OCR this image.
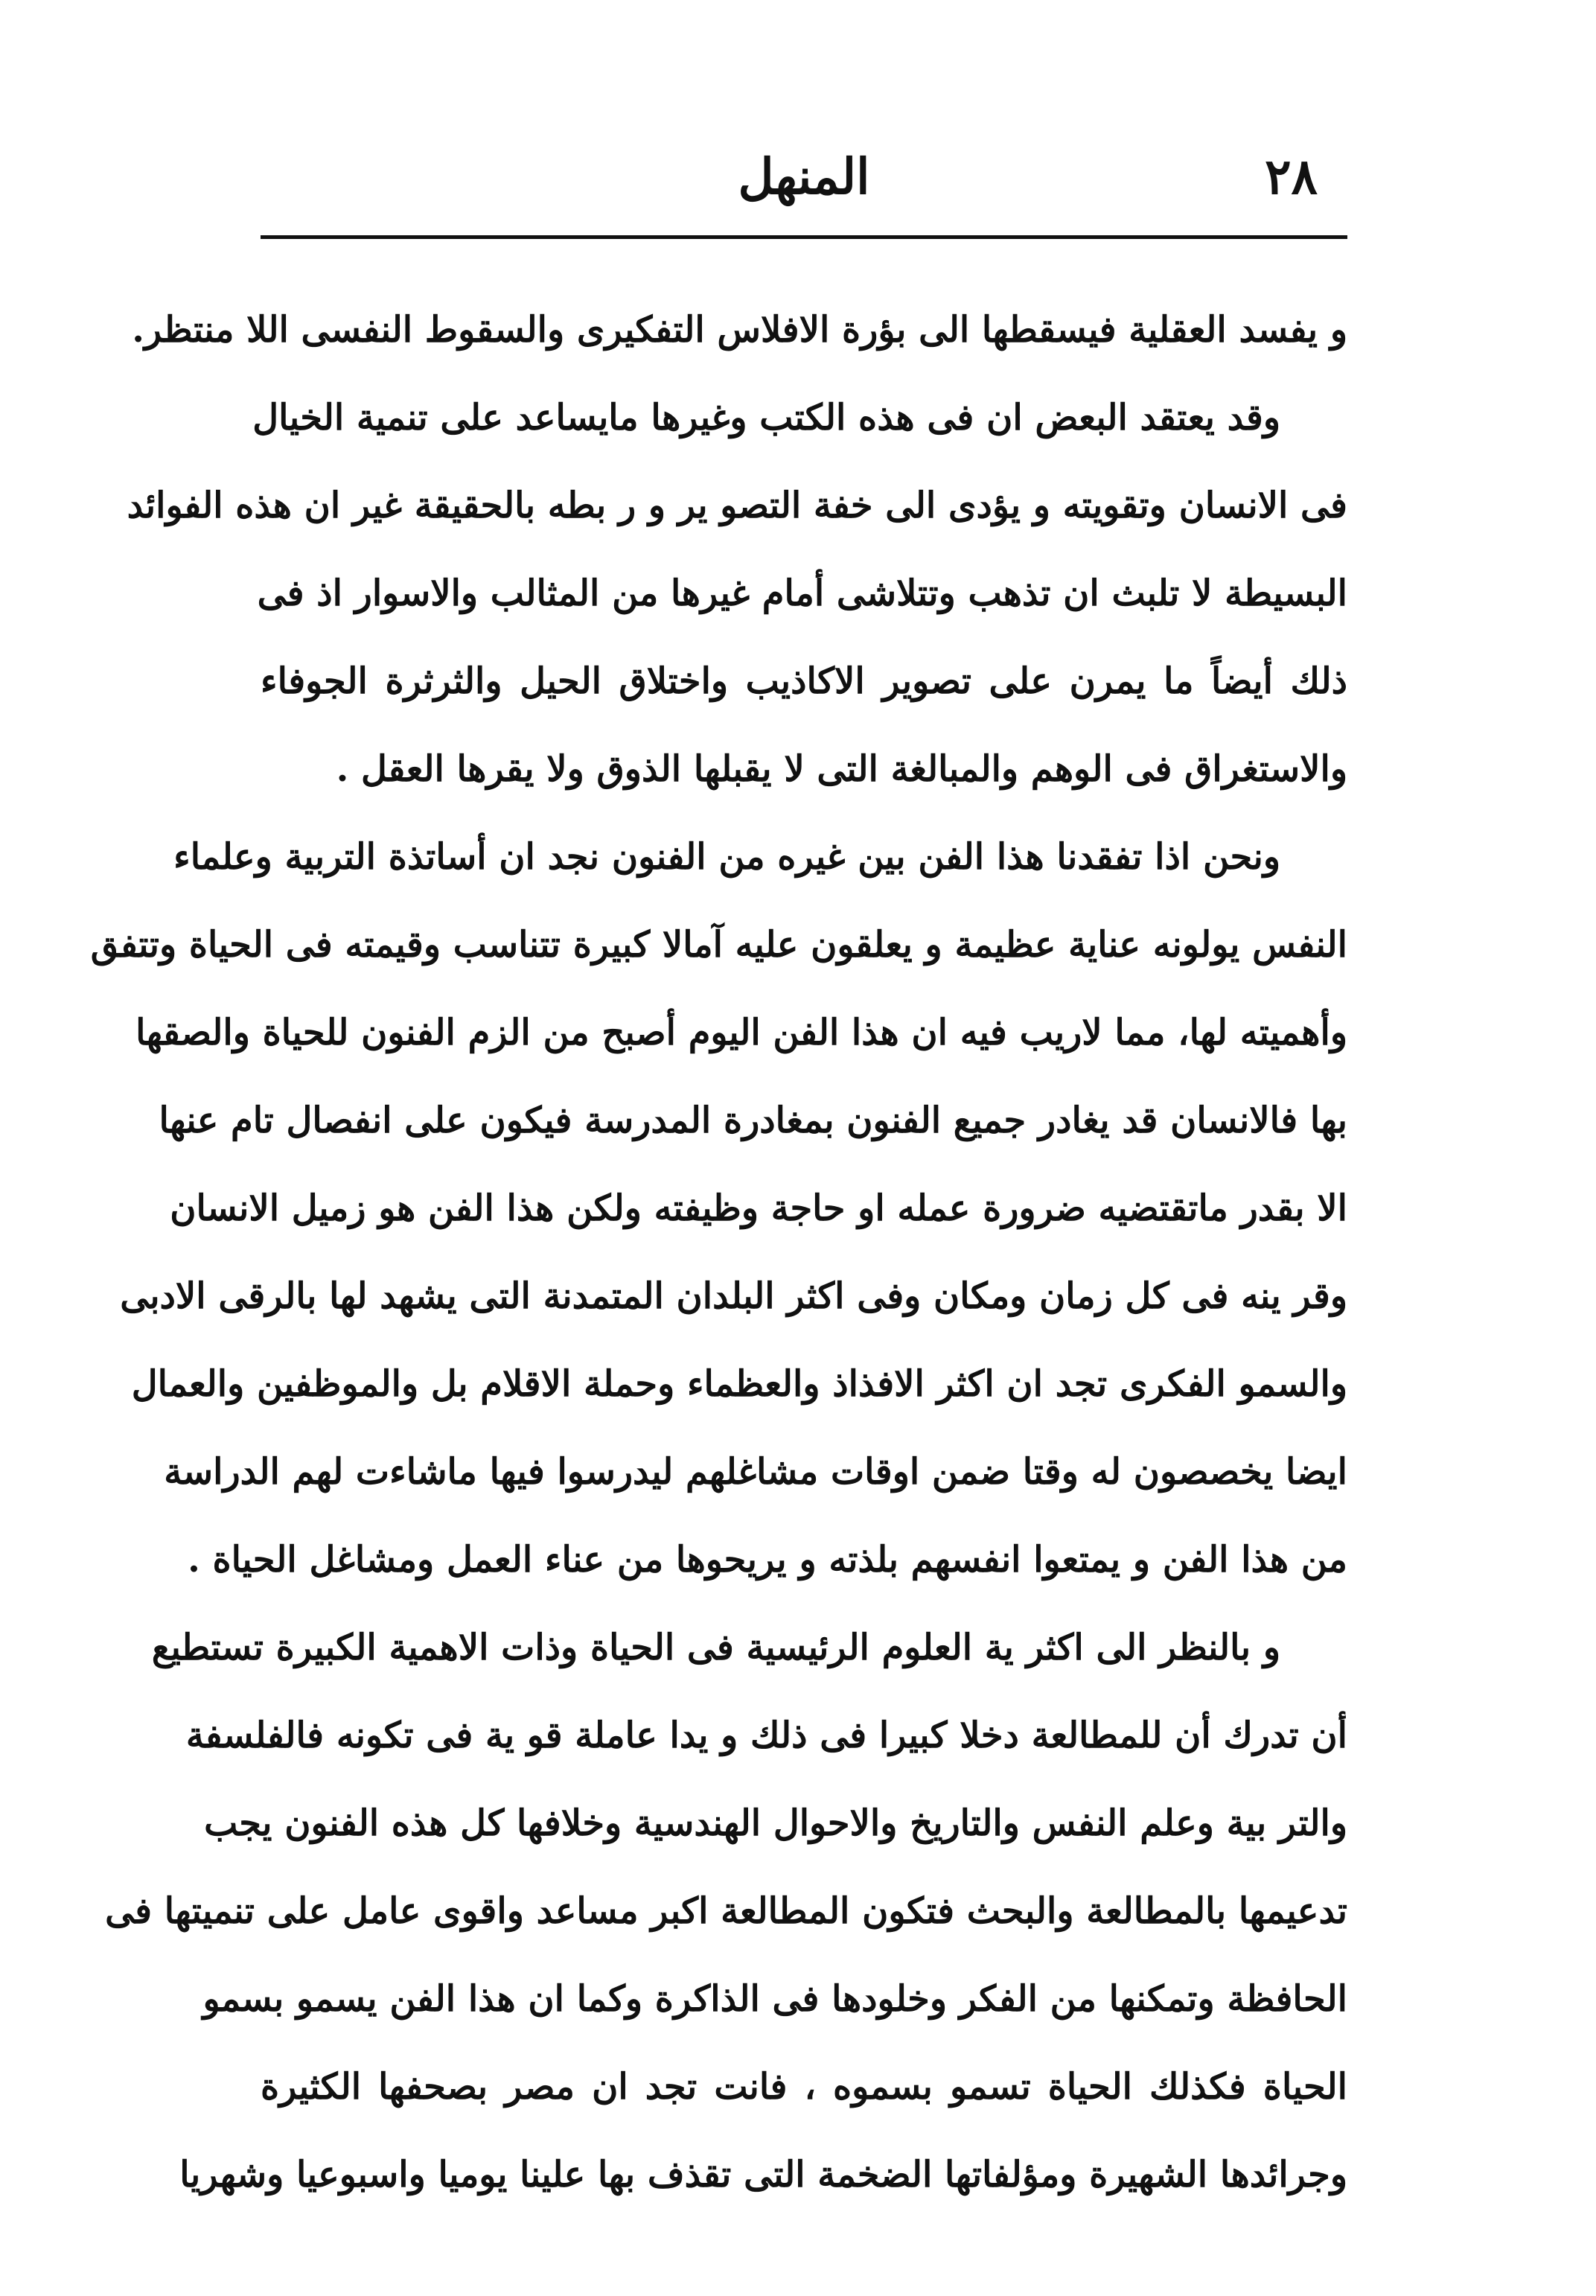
٢٨
المنهل
و يفسد العقلية فيسقطها الى بؤرة الافلاس التفكيرى والسقوط النفسى اللا منتظر.
وقد يعتقد البعض ان فى هذه الكتب وغيرها مايساعد على تنمية الخيال
فى الانسان وتقويته و يؤدى الى خفة التصو ير و ر بطه بالحقيقة غير ان هذه الفوائد
البسيطة لا تلبث ان تذهب وتتلاشى أمام غيرها من المثالب والاسوار اذ فى
ذلك أيضاً ما يمرن على تصوير الاكاذيب واختلاق الحيل والثرثرة الجوفاء
والاستغراق فى الوهم والمبالغة التى لا يقبلها الذوق ولا يقرها العقل .
ونحن اذا تفقدنا هذا الفن بين غيره من الفنون نجد ان أساتذة التربية وعلماء
النفس يولونه عناية عظيمة و يعلقون عليه آمالا كبيرة تتناسب وقيمته فى الحياة وتتفق
وأهميته لها، مما لاريب فيه ان هذا الفن اليوم أصبح من الزم الفنون للحياة والصقها
بها فالانسان قد يغادر جميع الفنون بمغادرة المدرسة فيكون على انفصال تام عنها
الا بقدر ماتقتضيه ضرورة عمله او حاجة وظيفته ولكن هذا الفن هو زميل الانسان
وقر ينه فى كل زمان ومكان وفى اكثر البلدان المتمدنة التى يشهد لها بالرقى الادبى
والسمو الفكرى تجد ان اكثر الافذاذ والعظماء وحملة الاقلام بل والموظفين والعمال
ايضا يخصصون له وقتا ضمن اوقات مشاغلهم ليدرسوا فيها ماشاءت لهم الدراسة
من هذا الفن و يمتعوا انفسهم بلذته و يريحوها من عناء العمل ومشاغل الحياة .
و بالنظر الى اكثر ية العلوم الرئيسية فى الحياة وذات الاهمية الكبيرة تستطيع
أن تدرك أن للمطالعة دخلا كبيرا فى ذلك و يدا عاملة قو ية فى تكونه فالفلسفة
والتر بية وعلم النفس والتاريخ والاحوال الهندسية وخلافها كل هذه الفنون يجب
تدعيمها بالمطالعة والبحث فتكون المطالعة اكبر مساعد واقوى عامل على تنميتها فى
الحافظة وتمكنها من الفكر وخلودها فى الذاكرة وكما ان هذا الفن يسمو بسمو
الحياة فكذلك الحياة تسمو بسموه ، فانت تجد ان مصر بصحفها الكثيرة
وجرائدها الشهيرة ومؤلفاتها الضخمة التى تقذف بها علينا يوميا واسبوعيا وشهريا
